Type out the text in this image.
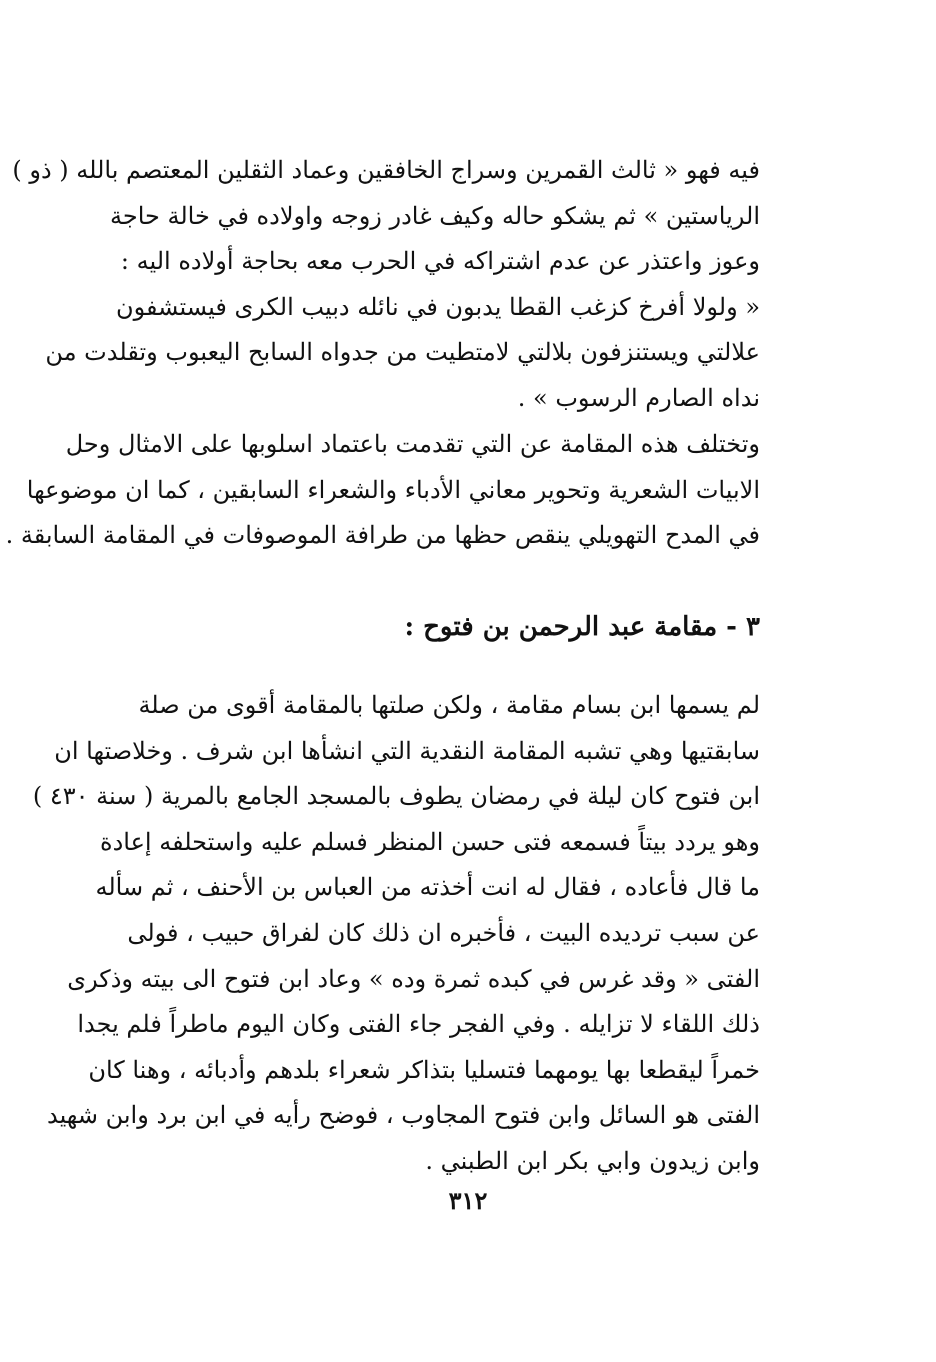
فيه فهو « ثالث القمرين وسراج الخافقين وعماد الثقلين المعتصم بالله ( ذو )
الرياستين » ثم يشكو حاله وكيف غادر زوجه واولاده في خالة حاجة
وعوز واعتذر عن عدم اشتراكه في الحرب معه بحاجة أولاده اليه :
« ولولا أفرخ كزغب القطا يدبون في نائله دبيب الكرى فيستشفون
علالتي ويستنزفون بلالتي لامتطيت من جدواه السابح اليعبوب وتقلدت من
نداه الصارم الرسوب » .
وتختلف هذه المقامة عن التي تقدمت باعتماد اسلوبها على الامثال وحل
الابيات الشعرية وتحوير معاني الأدباء والشعراء السابقين ، كما ان موضوعها
في المدح التهويلي ينقص حظها من طرافة الموصوفات في المقامة السابقة .
٣ - مقامة عبد الرحمن بن فتوح :
لم يسمها ابن بسام مقامة ، ولكن صلتها بالمقامة أقوى من صلة
سابقتيها وهي تشبه المقامة النقدية التي انشأها ابن شرف . وخلاصتها ان
ابن فتوح كان ليلة في رمضان يطوف بالمسجد الجامع بالمرية ( سنة ٤٣٠ )
وهو يردد بيتاً فسمعه فتى حسن المنظر فسلم عليه واستحلفه إعادة
ما قال فأعاده ، فقال له انت أخذته من العباس بن الأحنف ، ثم سأله
عن سبب ترديده البيت ، فأخبره ان ذلك كان لفراق حبيب ، فولى
الفتى « وقد غرس في كبده ثمرة وده » وعاد ابن فتوح الى بيته وذكرى
ذلك اللقاء لا تزايله . وفي الفجر جاء الفتى وكان اليوم ماطراً فلم يجدا
خمراً ليقطعا بها يومهما فتسليا بتذاكر شعراء بلدهم وأدبائه ، وهنا كان
الفتى هو السائل وابن فتوح المجاوب ، فوضح رأيه في ابن برد وابن شهيد
وابن زيدون وابي بكر ابن الطبني .
٣١٢
